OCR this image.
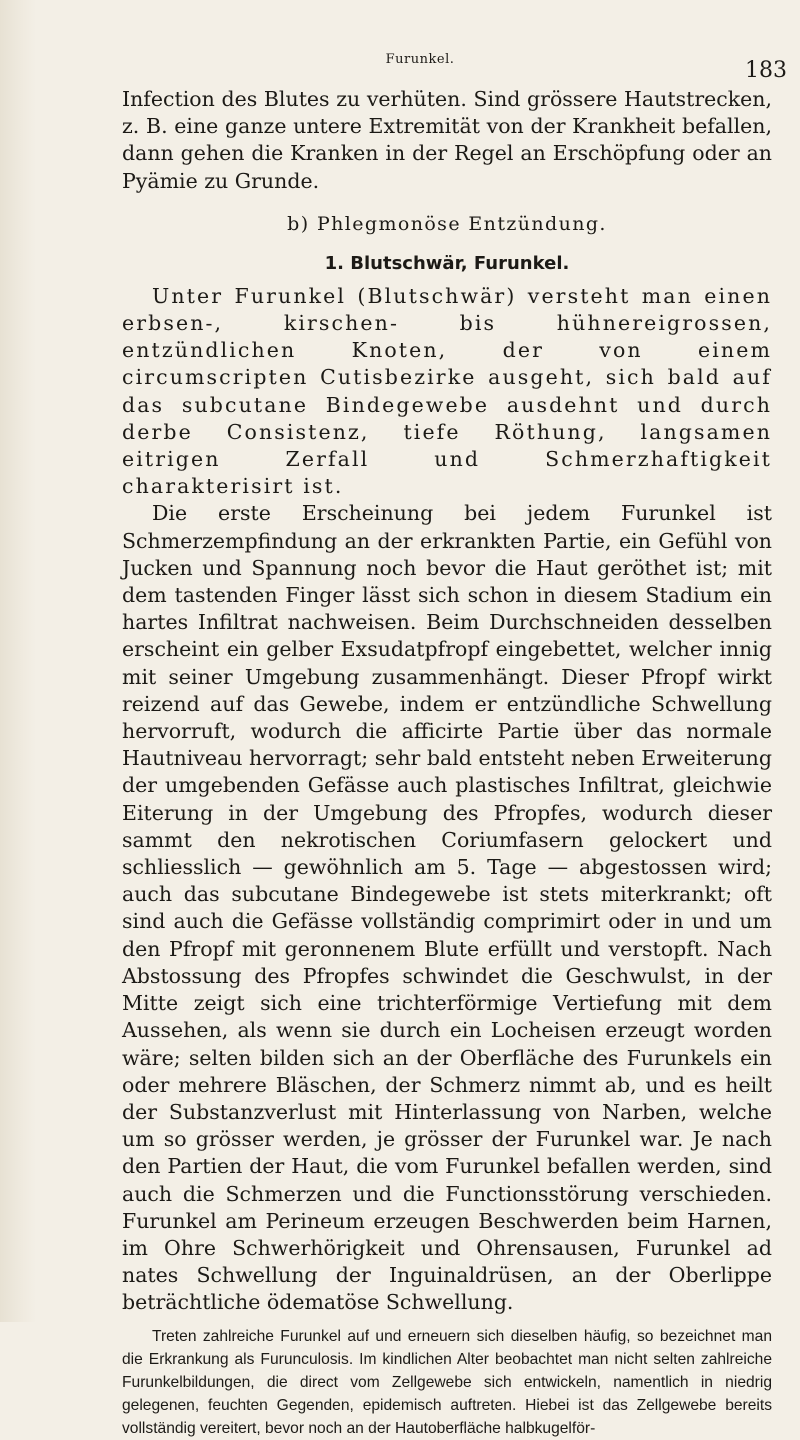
Furunkel.	183

Infection des Blutes zu verhüten. Sind grössere Hautstrecken, z. B. eine ganze untere Extremität von der Krankheit befallen, dann gehen die Kranken in der Regel an Erschöpfung oder an Pyämie zu Grunde.

b) Phlegmonöse Entzündung.

1. Blutschwär, Furunkel.

Unter Furunkel (Blutschwär) versteht man einen erbsen-, kirschen- bis hühnereigrossen, entzündlichen Knoten, der von einem circumscripten Cutisbezirke ausgeht, sich bald auf das subcutane Bindegewebe ausdehnt und durch derbe Consistenz, tiefe Röthung, langsamen eitrigen Zerfall und Schmerzhaftigkeit charakterisirt ist.

Die erste Erscheinung bei jedem Furunkel ist Schmerzempfindung an der erkrankten Partie, ein Gefühl von Jucken und Spannung noch bevor die Haut geröthet ist; mit dem tastenden Finger lässt sich schon in diesem Stadium ein hartes Infiltrat nachweisen. Beim Durchschneiden desselben erscheint ein gelber Exsudatpfropf eingebettet, welcher innig mit seiner Umgebung zusammenhängt. Dieser Pfropf wirkt reizend auf das Gewebe, indem er entzündliche Schwellung hervorruft, wodurch die afficirte Partie über das normale Hautniveau hervorragt; sehr bald entsteht neben Erweiterung der umgebenden Gefässe auch plastisches Infiltrat, gleichwie Eiterung in der Umgebung des Pfropfes, wodurch dieser sammt den nekrotischen Coriumfasern gelockert und schliesslich — gewöhnlich am 5. Tage — abgestossen wird; auch das subcutane Bindegewebe ist stets miterkrankt; oft sind auch die Gefässe vollständig comprimirt oder in und um den Pfropf mit geronnenem Blute erfüllt und verstopft. Nach Abstossung des Pfropfes schwindet die Geschwulst, in der Mitte zeigt sich eine trichterförmige Vertiefung mit dem Aussehen, als wenn sie durch ein Locheisen erzeugt worden wäre; selten bilden sich an der Oberfläche des Furunkels ein oder mehrere Bläschen, der Schmerz nimmt ab, und es heilt der Substanzverlust mit Hinterlassung von Narben, welche um so grösser werden, je grösser der Furunkel war. Je nach den Partien der Haut, die vom Furunkel befallen werden, sind auch die Schmerzen und die Functionsstörung verschieden. Furunkel am Perineum erzeugen Beschwerden beim Harnen, im Ohre Schwerhörigkeit und Ohrensausen, Furunkel ad nates Schwellung der Inguinaldrüsen, an der Oberlippe beträchtliche ödematöse Schwellung.

Treten zahlreiche Furunkel auf und erneuern sich dieselben häufig, so bezeichnet man die Erkrankung als Furunculosis. Im kindlichen Alter beobachtet man nicht selten zahlreiche Furunkelbildungen, die direct vom Zellgewebe sich entwickeln, namentlich in niedrig gelegenen, feuchten Gegenden, epidemisch auftreten. Hiebei ist das Zellgewebe bereits vollständig vereitert, bevor noch an der Hautoberfläche halbkugelför-
